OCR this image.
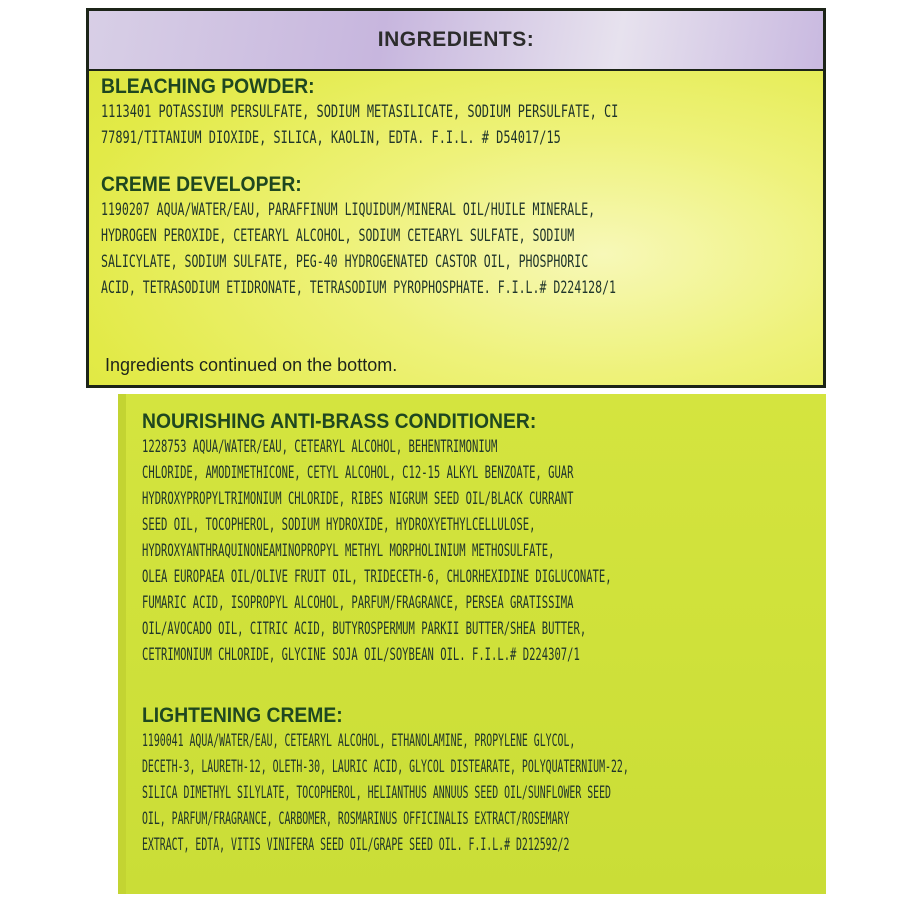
INGREDIENTS:
BLEACHING POWDER:
1113401 POTASSIUM PERSULFATE, SODIUM METASILICATE, SODIUM PERSULFATE, CI
77891/TITANIUM DIOXIDE, SILICA, KAOLIN, EDTA. F.I.L. # D54017/15
CREME DEVELOPER:
1190207 AQUA/WATER/EAU, PARAFFINUM LIQUIDUM/MINERAL OIL/HUILE MINERALE,
HYDROGEN PEROXIDE, CETEARYL ALCOHOL, SODIUM CETEARYL SULFATE, SODIUM
SALICYLATE, SODIUM SULFATE, PEG-40 HYDROGENATED CASTOR OIL, PHOSPHORIC
ACID, TETRASODIUM ETIDRONATE, TETRASODIUM PYROPHOSPHATE. F.I.L.# D224128/1
Ingredients continued on the bottom.
NOURISHING ANTI-BRASS CONDITIONER:
1228753 AQUA/WATER/EAU, CETEARYL ALCOHOL, BEHENTRIMONIUM
CHLORIDE, AMODIMETHICONE, CETYL ALCOHOL, C12-15 ALKYL BENZOATE, GUAR
HYDROXYPROPYLTRIMONIUM CHLORIDE, RIBES NIGRUM SEED OIL/BLACK CURRANT
SEED OIL, TOCOPHEROL, SODIUM HYDROXIDE, HYDROXYETHYLCELLULOSE,
HYDROXYANTHRAQUINONEAMINOPROPYL METHYL MORPHOLINIUM METHOSULFATE,
OLEA EUROPAEA OIL/OLIVE FRUIT OIL, TRIDECETH-6, CHLORHEXIDINE DIGLUCONATE,
FUMARIC ACID, ISOPROPYL ALCOHOL, PARFUM/FRAGRANCE, PERSEA GRATISSIMA
OIL/AVOCADO OIL, CITRIC ACID, BUTYROSPERMUM PARKII BUTTER/SHEA BUTTER,
CETRIMONIUM CHLORIDE, GLYCINE SOJA OIL/SOYBEAN OIL. F.I.L.# D224307/1
LIGHTENING CREME:
1190041 AQUA/WATER/EAU, CETEARYL ALCOHOL, ETHANOLAMINE, PROPYLENE GLYCOL,
DECETH-3, LAURETH-12, OLETH-30, LAURIC ACID, GLYCOL DISTEARATE, POLYQUATERNIUM-22,
SILICA DIMETHYL SILYLATE, TOCOPHEROL, HELIANTHUS ANNUUS SEED OIL/SUNFLOWER SEED
OIL, PARFUM/FRAGRANCE, CARBOMER, ROSMARINUS OFFICINALIS EXTRACT/ROSEMARY
EXTRACT, EDTA, VITIS VINIFERA SEED OIL/GRAPE SEED OIL. F.I.L.# D212592/2
